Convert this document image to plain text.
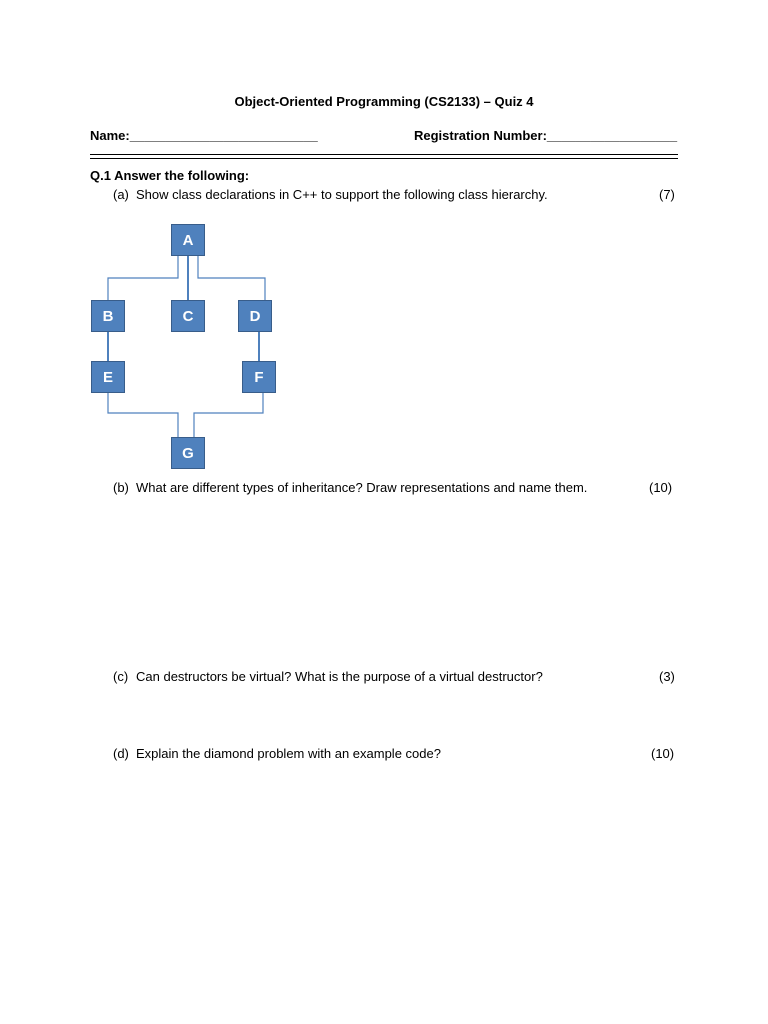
Object-Oriented Programming (CS2133) – Quiz 4
Name:__________________________	Registration Number:__________________
Q.1 Answer the following:
(a) Show class declarations in C++ to support the following class hierarchy.	(7)
A
B	C	D
E	F
G
(b) What are different types of inheritance? Draw representations and name them.	(10)
(c) Can destructors be virtual? What is the purpose of a virtual destructor?	(3)
(d) Explain the diamond problem with an example code?	(10)
